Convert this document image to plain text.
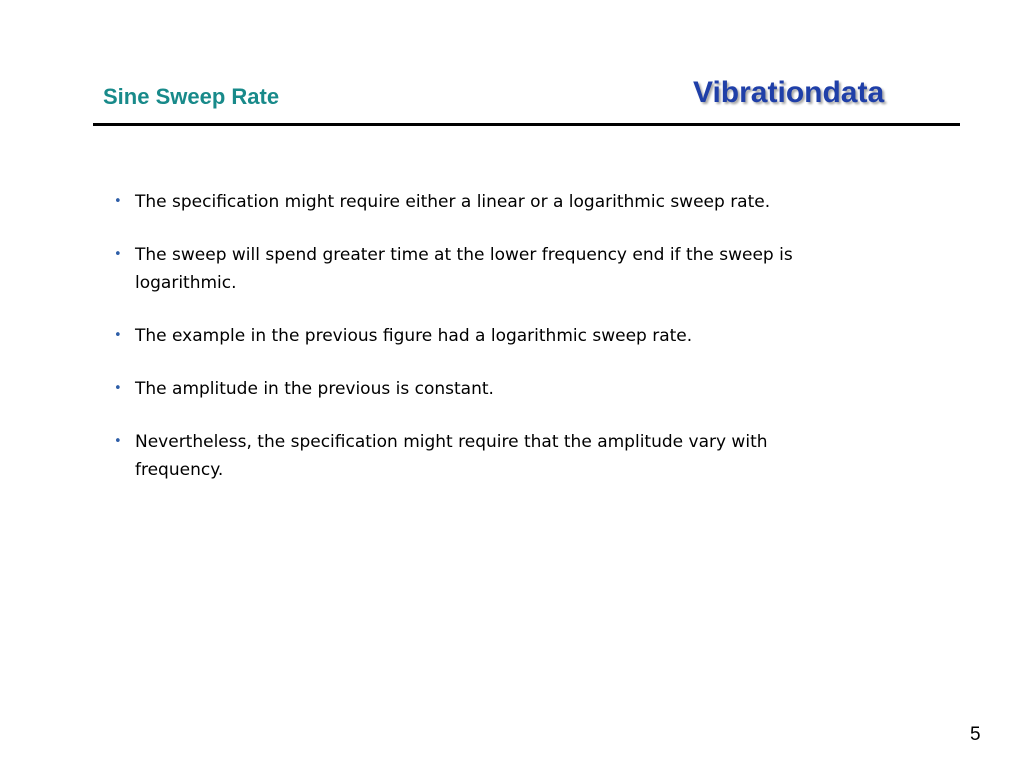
Sine Sweep Rate	Vibrationdata
• The specification might require either a linear or a logarithmic sweep rate.
• The sweep will spend greater time at the lower frequency end if the sweep is logarithmic.
• The example in the previous figure had a logarithmic sweep rate.
• The amplitude in the previous is constant.
• Nevertheless, the specification might require that the amplitude vary with frequency.
5
